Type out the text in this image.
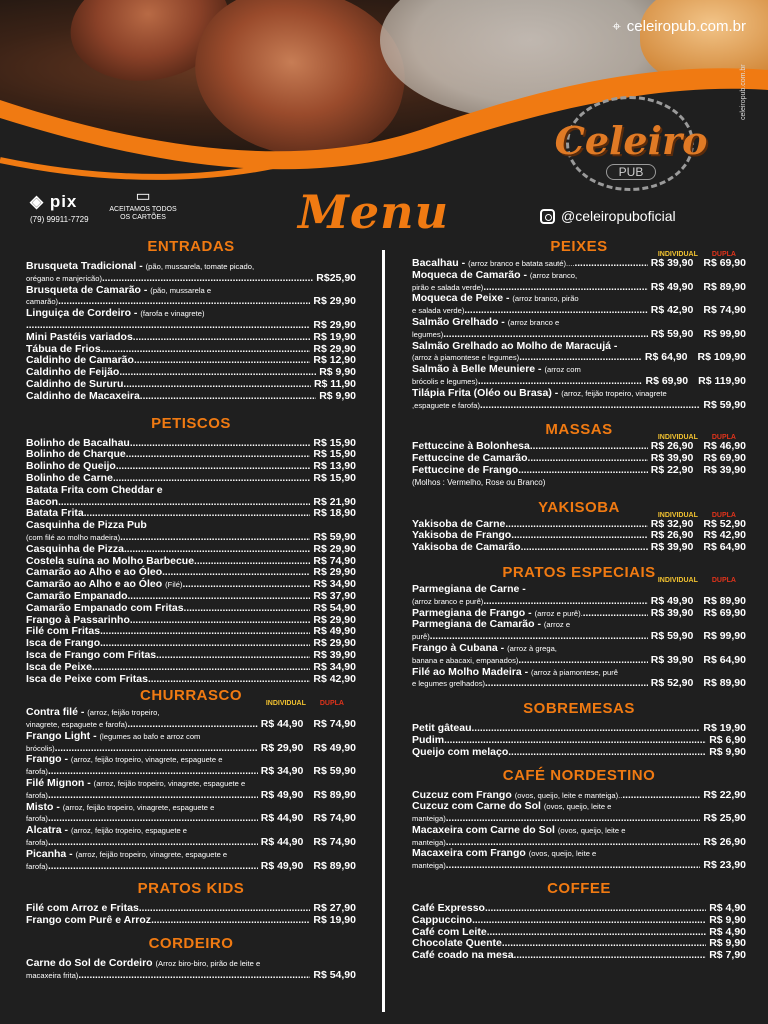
⌖ celeiropub.com.br
Celeiro
PUB
celeiropub.com.br
◈ pix
(79) 99911-7729
▭
ACEITAMOS TODOS OS CARTÕES	Menu	@celeiropuboficial
ENTRADAS
Brusqueta Tradicional - (pão, mussarela, tomate picado,
orégano e manjericão) .....	R$25,90
Brusqueta de Camarão - (pão, mussarela e
camarão) .....	R$ 29,90
Linguiça de Cordeiro - (farofa e vinagrete)
.....
R$ 29,90
Mini Pastéis variados .....	R$ 19,90
Tábua de Frios .....	R$ 29,90
Caldinho de Camarão .....	R$ 12,90
Caldinho de Feijão .....	R$ 9,90
Caldinho de Sururu .....	R$ 11,90
Caldinho de Macaxeira .....	R$ 9,90
PETISCOS
Bolinho de Bacalhau .....	R$ 15,90
Bolinho de Charque .....	R$ 15,90
Bolinho de Queijo .....	R$ 13,90
Bolinho de Carne .....	R$ 15,90
Batata Frita com Cheddar e
Bacon .....	R$ 21,90
Batata Frita .....	R$ 18,90
Casquinha de Pizza Pub
(com filé ao molho madeira) .....	R$ 59,90
Casquinha de Pizza .....	R$ 29,90
Costela suína ao Molho Barbecue .....	R$ 74,90
Camarão ao Alho e ao Óleo .....	R$ 29,90
Camarão ao Alho e ao Óleo (Filé) .....	R$ 34,90
Camarão Empanado .....	R$ 37,90
Camarão Empanado com Fritas .....	R$ 54,90
Frango à Passarinho .....	R$ 29,90
Filé com Fritas .....	R$ 49,90
Isca de Frango .....	R$ 29,90
Isca de Frango com Fritas .....	R$ 39,90
Isca de Peixe .....	R$ 34,90
Isca de Peixe com Fritas .....	R$ 42,90
CHURRASCO	INDIVIDUAL DUPLA
Contra filé - (arroz, feijão tropeiro,
vinagrete, espaguete e farofa) .....	R$ 44,90 R$ 74,90
Frango Light - (legumes ao bafo e arroz com
brócolis) .....	R$ 29,90 R$ 49,90
Frango - (arroz, feijão tropeiro, vinagrete, espaguete e
farofa) .....	R$ 34,90 R$ 59,90
Filé Mignon - (arroz, feijão tropeiro, vinagrete, espaguete e
farofa) .....	R$ 49,90 R$ 89,90
Misto - (arroz, feijão tropeiro, vinagrete, espaguete e
farofa) .....	R$ 44,90 R$ 74,90
Alcatra - (arroz, feijão tropeiro, espaguete e
farofa) .....	R$ 44,90 R$ 74,90
Picanha - (arroz, feijão tropeiro, vinagrete, espaguete e
farofa) .....	R$ 49,90 R$ 89,90
PRATOS KIDS
Filé com Arroz e Fritas .....	R$ 27,90
Frango com Purê e Arroz .....	R$ 19,90
CORDEIRO
Carne do Sol de Cordeiro (Arroz biro-biro, pirão de leite e
macaxeira frita) .....	R$ 54,90
PEIXES	INDIVIDUAL DUPLA
Bacalhau - (arroz branco e batata sauté).... .....	R$ 39,90 R$ 69,90
Moqueca de Camarão - (arroz branco,
pirão e salada verde) .....	R$ 49,90 R$ 89,90
Moqueca de Peixe - (arroz branco, pirão
e salada verde) .....	R$ 42,90 R$ 74,90
Salmão Grelhado - (arroz branco e
legumes) .....	R$ 59,90 R$ 99,90
Salmão Grelhado ao Molho de Maracujá -
(arroz à piamontese e legumes) .....	R$ 64,90 R$ 109,90
Salmão à Belle Meuniere - (arroz com
brócolis e legumes) .....	R$ 69,90 R$ 119,90
Tilápia Frita (Oléo ou Brasa) - (arroz, feijão tropeiro, vinagrete
,espaguete e farofa) .....	R$ 59,90
MASSAS	INDIVIDUAL DUPLA
Fettuccine à Bolonhesa .....	R$ 26,90 R$ 46,90
Fettuccine de Camarão .....	R$ 39,90 R$ 69,90
Fettuccine de Frango .....	R$ 22,90 R$ 39,90
(Molhos : Vermelho, Rose ou Branco)
YAKISOBA	INDIVIDUAL DUPLA
Yakisoba de Carne .....	R$ 32,90 R$ 52,90
Yakisoba de Frango .....	R$ 26,90 R$ 42,90
Yakisoba de Camarão .....	R$ 39,90 R$ 64,90
PRATOS ESPECIAIS INDIVIDUAL DUPLA
Parmegiana de Carne -
(arroz branco e purê) .....	R$ 49,90 R$ 89,90
Parmegiana de Frango - (arroz e purê). .....	R$ 39,90 R$ 69,90
Parmegiana de Camarão - (arroz e
purê) .....	R$ 59,90 R$ 99,90
Frango à Cubana - (arroz à grega,
banana e abacaxi, empanados) .....	R$ 39,90 R$ 64,90
Filé ao Molho Madeira - (arroz à piamontese, purê
e legumes grelhados) .....	R$ 52,90 R$ 89,90
SOBREMESAS
Petit gâteau .....	R$ 19,90
Pudim .....	R$ 6,90
Queijo com melaço .....	R$ 9,90
CAFÉ NORDESTINO
Cuzcuz com Frango (ovos, queijo, leite e manteiga).. .....	R$ 22,90
Cuzcuz com Carne do Sol (ovos, queijo, leite e
manteiga) .....	R$ 25,90
Macaxeira com Carne do Sol (ovos, queijo, leite e
manteiga) .....	R$ 26,90
Macaxeira com Frango (ovos, queijo, leite e
manteiga) .....	R$ 23,90
COFFEE
Café Expresso .....	R$ 4,90
Cappuccino .....	R$ 9,90
Café com Leite .....	R$ 4,90
Chocolate Quente .....	R$ 9,90
Café coado na mesa .....	R$ 7,90
